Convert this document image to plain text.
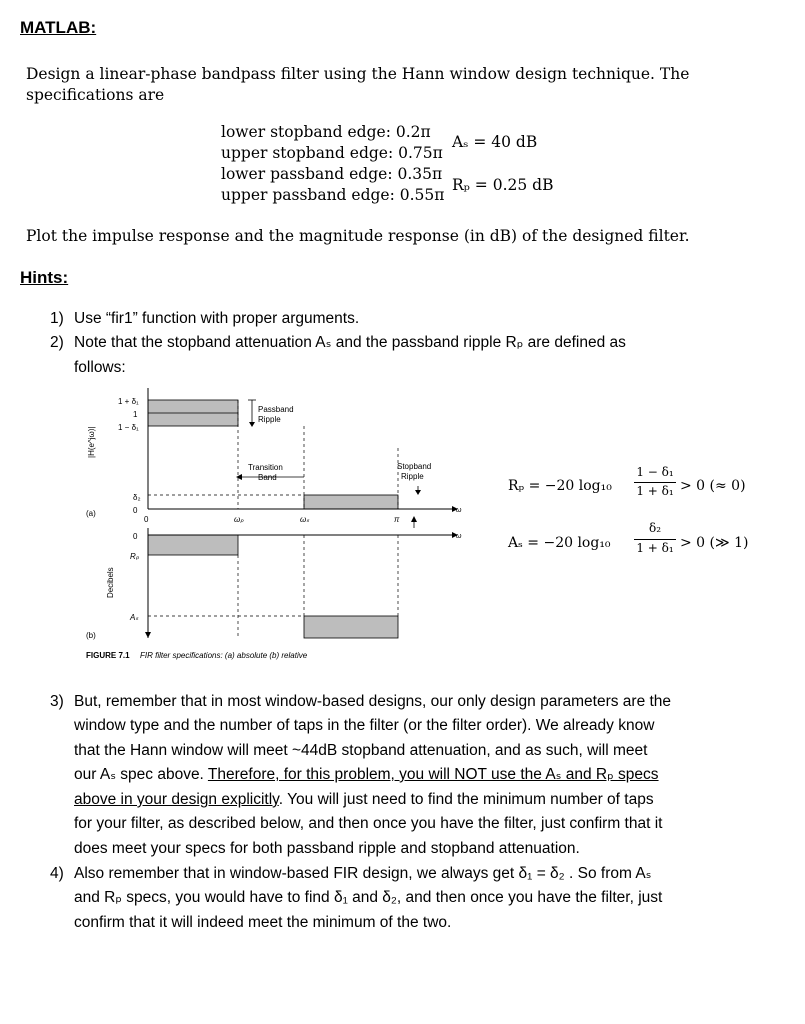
MATLAB:
Design a linear-phase bandpass filter using the Hann window design technique. The
specifications are
lower stopband edge: 0.2π
upper stopband edge: 0.75π
lower passband edge: 0.35π
upper passband edge: 0.55π
Aₛ = 40 dB
Rₚ = 0.25 dB
Plot the impulse response and the magnitude response (in dB) of the designed filter.
Hints:
1) Use “fir1” function with proper arguments.
2) Note that the stopband attenuation Aₛ and the passband ripple Rₚ are defined as
follows:
1 + δ₁
1
1 − δ₁
δ₂
0
0	ωₚ	ωₛ	π
ω
Passband
Ripple
Transition
Band
Stopband
Ripple
|H(e^jω)|
(a)
0
Rₚ
Aₛ
ω
Decibels
(b)
FIGURE 7.1 FIR filter specifications: (a) absolute (b) relative
Rₚ = −20 log₁₀
1 − δ₁
1 + δ₁ > 0 (≈ 0)
Aₛ = −20 log₁₀
δ₂
1 + δ₁ > 0 (≫ 1)
3) But, remember that in most window-based designs, our only design parameters are the
window type and the number of taps in the filter (or the filter order). We already know
that the Hann window will meet ~44dB stopband attenuation, and as such, will meet
our Aₛ spec above. Therefore, for this problem, you will NOT use the Aₛ and Rₚ specs
above in your design explicitly. You will just need to find the minimum number of taps
for your filter, as described below, and then once you have the filter, just confirm that it
does meet your specs for both passband ripple and stopband attenuation.
4) Also remember that in window-based FIR design, we always get δ₁ = δ₂ . So from Aₛ
and Rₚ specs, you would have to find δ₁ and δ₂, and then once you have the filter, just
confirm that it will indeed meet the minimum of the two.
